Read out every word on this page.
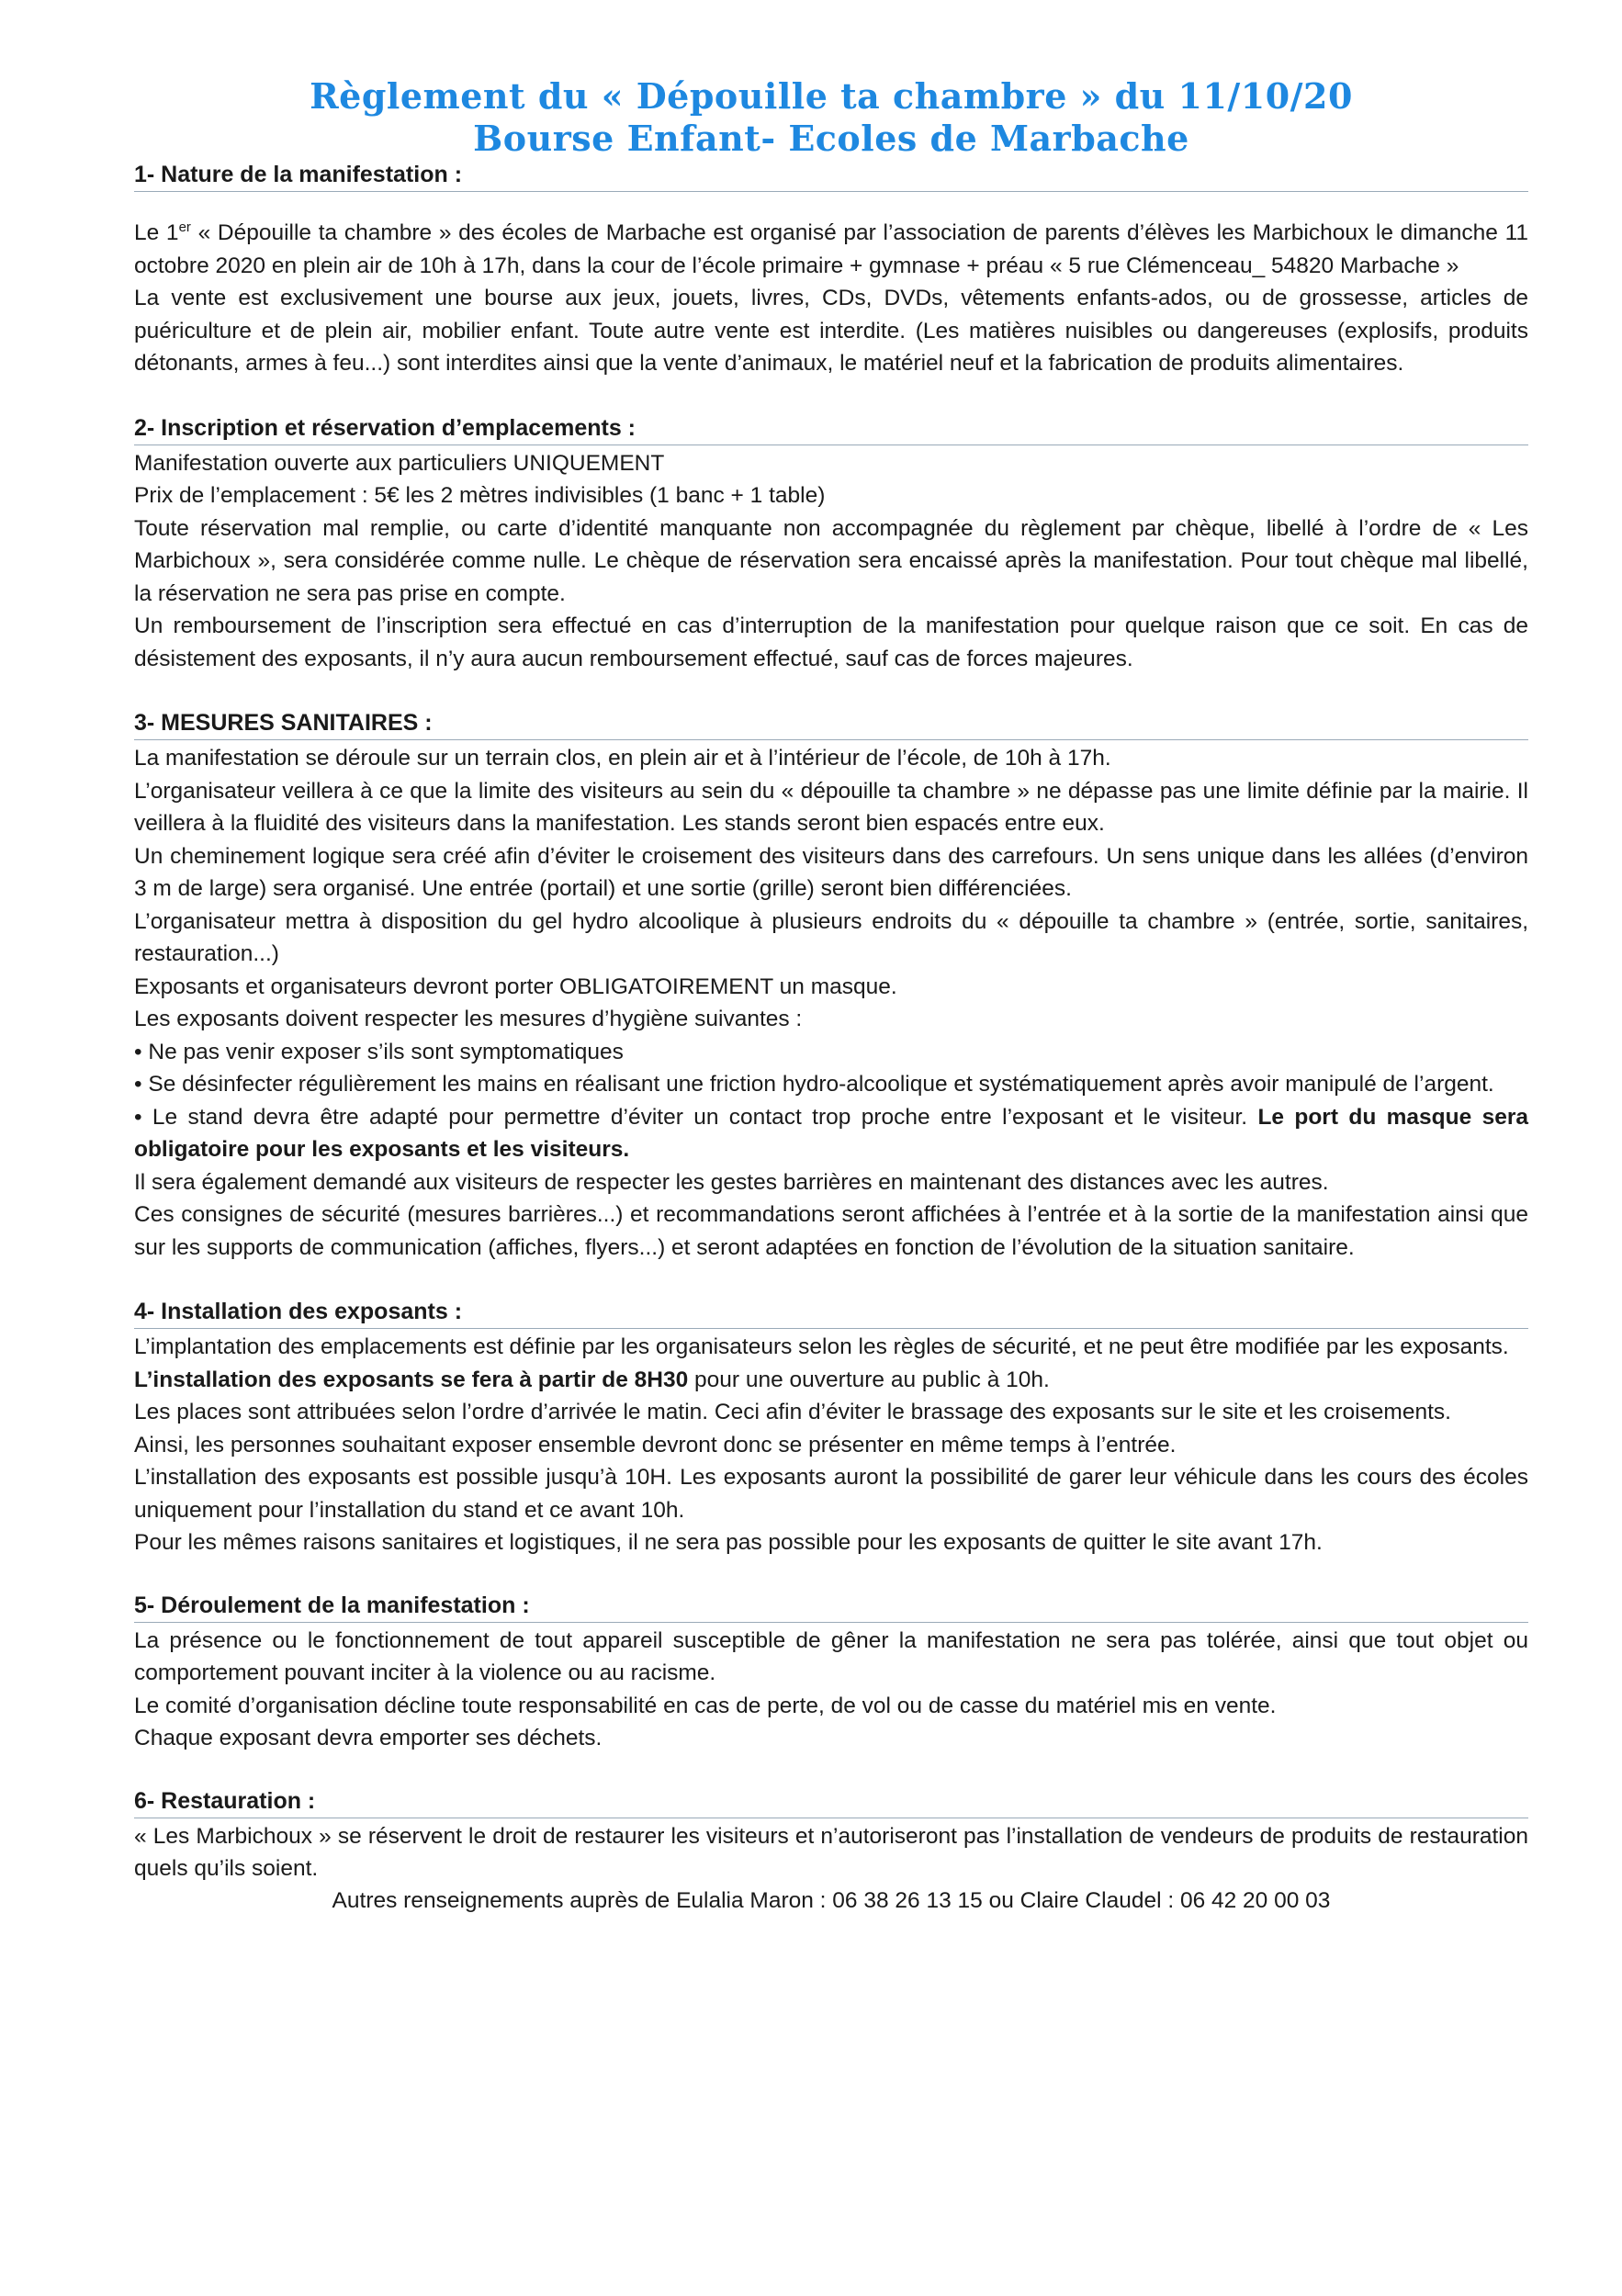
Règlement du « Dépouille ta chambre » du 11/10/20
Bourse Enfant- Ecoles de Marbache
1- Nature de la manifestation :

Le 1er « Dépouille ta chambre » des écoles de Marbache est organisé par l’association de parents d’élèves les Marbichoux le dimanche 11 octobre 2020 en plein air de 10h à 17h, dans la cour de l’école primaire + gymnase + préau « 5 rue Clémenceau_ 54820 Marbache »

La vente est exclusivement une bourse aux jeux, jouets, livres, CDs, DVDs, vêtements enfants-ados, ou de grossesse, articles de puériculture et de plein air, mobilier enfant. Toute autre vente est interdite. (Les matières nuisibles ou dangereuses (explosifs, produits détonants, armes à feu...) sont interdites ainsi que la vente d’animaux, le matériel neuf et la fabrication de produits alimentaires.

2- Inscription et réservation d’emplacements :

Manifestation ouverte aux particuliers UNIQUEMENT

Prix de l’emplacement : 5€ les 2 mètres indivisibles (1 banc + 1 table)

Toute réservation mal remplie, ou carte d’identité manquante non accompagnée du règlement par chèque, libellé à l’ordre de « Les Marbichoux », sera considérée comme nulle. Le chèque de réservation sera encaissé après la manifestation. Pour tout chèque mal libellé, la réservation ne sera pas prise en compte.

Un remboursement de l’inscription sera effectué en cas d’interruption de la manifestation pour quelque raison que ce soit. En cas de désistement des exposants, il n’y aura aucun remboursement effectué, sauf cas de forces majeures.

3- MESURES SANITAIRES :

La manifestation se déroule sur un terrain clos, en plein air et à l’intérieur de l’école, de 10h à 17h.

L’organisateur veillera à ce que la limite des visiteurs au sein du « dépouille ta chambre » ne dépasse pas une limite définie par la mairie. Il veillera à la fluidité des visiteurs dans la manifestation. Les stands seront bien espacés entre eux.

Un cheminement logique sera créé afin d’éviter le croisement des visiteurs dans des carrefours. Un sens unique dans les allées (d’environ 3 m de large) sera organisé. Une entrée (portail) et une sortie (grille) seront bien différenciées.

L’organisateur mettra à disposition du gel hydro alcoolique à plusieurs endroits du « dépouille ta chambre » (entrée, sortie, sanitaires, restauration...)

Exposants et organisateurs devront porter OBLIGATOIREMENT un masque.

Les exposants doivent respecter les mesures d’hygiène suivantes :

• Ne pas venir exposer s’ils sont symptomatiques

• Se désinfecter régulièrement les mains en réalisant une friction hydro-alcoolique et systématiquement après avoir manipulé de l’argent.

• Le stand devra être adapté pour permettre d’éviter un contact trop proche entre l’exposant et le visiteur. Le port du masque sera obligatoire pour les exposants et les visiteurs.

Il sera également demandé aux visiteurs de respecter les gestes barrières en maintenant des distances avec les autres.

Ces consignes de sécurité (mesures barrières...) et recommandations seront affichées à l’entrée et à la sortie de la manifestation ainsi que sur les supports de communication (affiches, flyers...) et seront adaptées en fonction de l’évolution de la situation sanitaire.

4- Installation des exposants :

L’implantation des emplacements est définie par les organisateurs selon les règles de sécurité, et ne peut être modifiée par les exposants.

L’installation des exposants se fera à partir de 8H30 pour une ouverture au public à 10h.

Les places sont attribuées selon l’ordre d’arrivée le matin. Ceci afin d’éviter le brassage des exposants sur le site et les croisements.

Ainsi, les personnes souhaitant exposer ensemble devront donc se présenter en même temps à l’entrée.

L’installation des exposants est possible jusqu’à 10H. Les exposants auront la possibilité de garer leur véhicule dans les cours des écoles uniquement pour l’installation du stand et ce avant 10h.

Pour les mêmes raisons sanitaires et logistiques, il ne sera pas possible pour les exposants de quitter le site avant 17h.

5- Déroulement de la manifestation :

La présence ou le fonctionnement de tout appareil susceptible de gêner la manifestation ne sera pas tolérée, ainsi que tout objet ou comportement pouvant inciter à la violence ou au racisme.

Le comité d’organisation décline toute responsabilité en cas de perte, de vol ou de casse du matériel mis en vente.

Chaque exposant devra emporter ses déchets.

6- Restauration :

« Les Marbichoux » se réservent le droit de restaurer les visiteurs et n’autoriseront pas l’installation de vendeurs de produits de restauration quels qu’ils soient.

Autres renseignements auprès de Eulalia Maron : 06 38 26 13 15 ou Claire Claudel : 06 42 20 00 03
